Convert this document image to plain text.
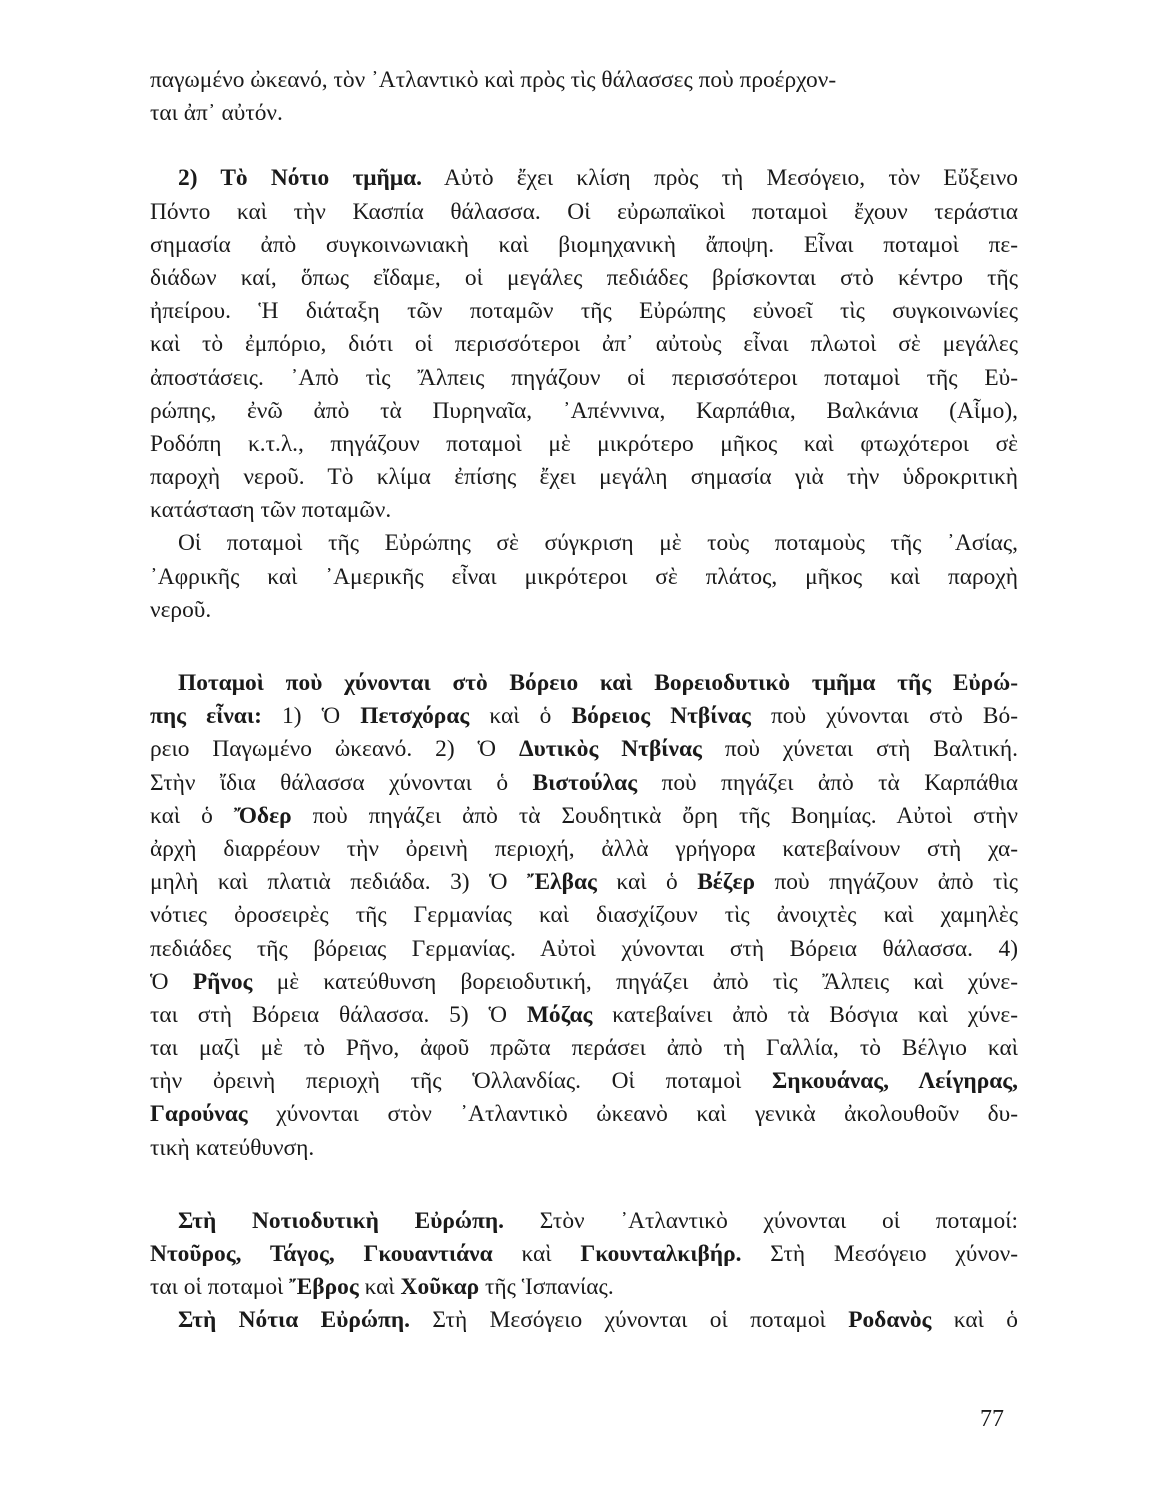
παγωμένο ὠκεανό, τὸν ᾿Ατλαντικὸ καὶ πρὸς τὶς θάλασσες ποὺ προέρχον-
ται ἀπ᾿ αὐτόν.
2) Τὸ Νότιο τμῆμα. Αὐτὸ ἔχει κλίση πρὸς τὴ Μεσόγειο, τὸν Εὔξεινο
Πόντο καὶ τὴν Κασπία θάλασσα. Οἱ εὐρωπαϊκοὶ ποταμοὶ ἔχουν τεράστια
σημασία ἀπὸ συγκοινωνιακὴ καὶ βιομηχανικὴ ἄποψη. Εἶναι ποταμοὶ πε-
διάδων καί, ὅπως εἴδαμε, οἱ μεγάλες πεδιάδες βρίσκονται στὸ κέντρο τῆς
ἠπείρου. Ἡ διάταξη τῶν ποταμῶν τῆς Εὐρώπης εὐνοεῖ τὶς συγκοινωνίες
καὶ τὸ ἐμπόριο, διότι οἱ περισσότεροι ἀπ᾿ αὐτοὺς εἶναι πλωτοὶ σὲ μεγάλες
ἀποστάσεις. ᾿Απὸ τὶς Ἄλπεις πηγάζουν οἱ περισσότεροι ποταμοὶ τῆς Εὐ-
ρώπης, ἐνῶ ἀπὸ τὰ Πυρηναῖα, ᾿Απέννινα, Καρπάθια, Βαλκάνια (Αἷμο),
Ροδόπη κ.τ.λ., πηγάζουν ποταμοὶ μὲ μικρότερο μῆκος καὶ φτωχότεροι σὲ
παροχὴ νεροῦ. Τὸ κλίμα ἐπίσης ἔχει μεγάλη σημασία γιὰ τὴν ὑδροκριτικὴ
κατάσταση τῶν ποταμῶν.
Οἱ ποταμοὶ τῆς Εὐρώπης σὲ σύγκριση μὲ τοὺς ποταμοὺς τῆς ᾿Ασίας,
᾿Αφρικῆς καὶ ᾿Αμερικῆς εἶναι μικρότεροι σὲ πλάτος, μῆκος καὶ παροχὴ
νεροῦ.
Ποταμοὶ ποὺ χύνονται στὸ Βόρειο καὶ Βορειοδυτικὸ τμῆμα τῆς Εὐρώ-
πης εἶναι: 1) Ὁ Πετσχόρας καὶ ὁ Βόρειος Ντβίνας ποὺ χύνονται στὸ Βό-
ρειο Παγωμένο ὠκεανό. 2) Ὁ Δυτικὸς Ντβίνας ποὺ χύνεται στὴ Βαλτική.
Στὴν ἴδια θάλασσα χύνονται ὁ Βιστούλας ποὺ πηγάζει ἀπὸ τὰ Καρπάθια
καὶ ὁ Ὄδερ ποὺ πηγάζει ἀπὸ τὰ Σουδητικὰ ὄρη τῆς Βοημίας. Αὐτοὶ στὴν
ἀρχὴ διαρρέουν τὴν ὀρεινὴ περιοχή, ἀλλὰ γρήγορα κατεβαίνουν στὴ χα-
μηλὴ καὶ πλατιὰ πεδιάδα. 3) Ὁ Ἔλβας καὶ ὁ Βέζερ ποὺ πηγάζουν ἀπὸ τὶς
νότιες ὀροσειρὲς τῆς Γερμανίας καὶ διασχίζουν τὶς ἀνοιχτὲς καὶ χαμηλὲς
πεδιάδες τῆς βόρειας Γερμανίας. Αὐτοὶ χύνονται στὴ Βόρεια θάλασσα. 4)
Ὁ Ρῆνος μὲ κατεύθυνση βορειοδυτική, πηγάζει ἀπὸ τὶς Ἄλπεις καὶ χύνε-
ται στὴ Βόρεια θάλασσα. 5) Ὁ Μόζας κατεβαίνει ἀπὸ τὰ Βόσγια καὶ χύνε-
ται μαζὶ μὲ τὸ Ρῆνο, ἀφοῦ πρῶτα περάσει ἀπὸ τὴ Γαλλία, τὸ Βέλγιο καὶ
τὴν ὀρεινὴ περιοχὴ τῆς Ὁλλανδίας. Οἱ ποταμοὶ Σηκουάνας, Λείγηρας,
Γαρούνας χύνονται στὸν ᾿Ατλαντικὸ ὠκεανὸ καὶ γενικὰ ἀκολουθοῦν δυ-
τικὴ κατεύθυνση.
Στὴ Νοτιοδυτικὴ Εὐρώπη. Στὸν ᾿Ατλαντικὸ χύνονται οἱ ποταμοί:
Ντοῦρος, Τάγος, Γκουαντιάνα καὶ Γκουνταλκιβήρ. Στὴ Μεσόγειο χύνον-
ται οἱ ποταμοὶ Ἔβρος καὶ Χοῦκαρ τῆς Ἱσπανίας.
Στὴ Νότια Εὐρώπη. Στὴ Μεσόγειο χύνονται οἱ ποταμοὶ Ροδανὸς καὶ ὁ
77
